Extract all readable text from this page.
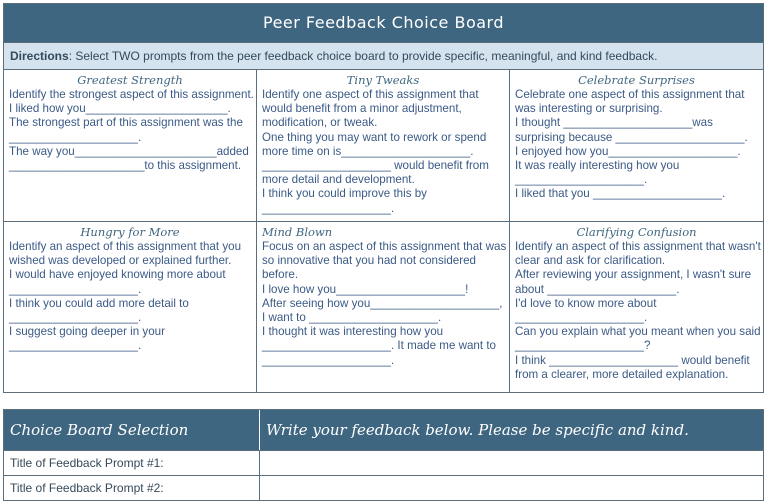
Peer Feedback Choice Board
Directions: Select TWO prompts from the peer feedback choice board to provide specific, meaningful, and kind feedback.
Greatest Strength
Identify the strongest aspect of this assignment.
I liked how you______________________.
The strongest part of this assignment was the
____________________.
The way you______________________added
_____________________to this assignment.
Tiny Tweaks
Identify one aspect of this assignment that
would benefit from a minor adjustment,
modification, or tweak.
One thing you may want to rework or spend
more time on is____________________.
____________________ would benefit from
more detail and development.
I think you could improve this by
____________________.
Celebrate Surprises
Celebrate one aspect of this assignment that
was interesting or surprising.
I thought ____________________was
surprising because ____________________.
I enjoyed how you____________________.
It was really interesting how you
____________________.
I liked that you ____________________.
Hungry for More
Identify an aspect of this assignment that you
wished was developed or explained further.
I would have enjoyed knowing more about
____________________.
I think you could add more detail to
____________________.
I suggest going deeper in your
____________________.
Mind Blown
Focus on an aspect of this assignment that was
so innovative that you had not considered
before.
I love how you____________________!
After seeing how you____________________,
I want to ____________________.
I thought it was interesting how you
____________________. It made me want to
____________________.
Clarifying Confusion
Identify an aspect of this assignment that wasn't
clear and ask for clarification.
After reviewing your assignment, I wasn't sure
about ____________________.
I'd love to know more about
____________________.
Can you explain what you meant when you said
____________________?
I think ____________________ would benefit
from a clearer, more detailed explanation.
Choice Board Selection	Write your feedback below. Please be specific and kind.
Title of Feedback Prompt #1:
Title of Feedback Prompt #2:
